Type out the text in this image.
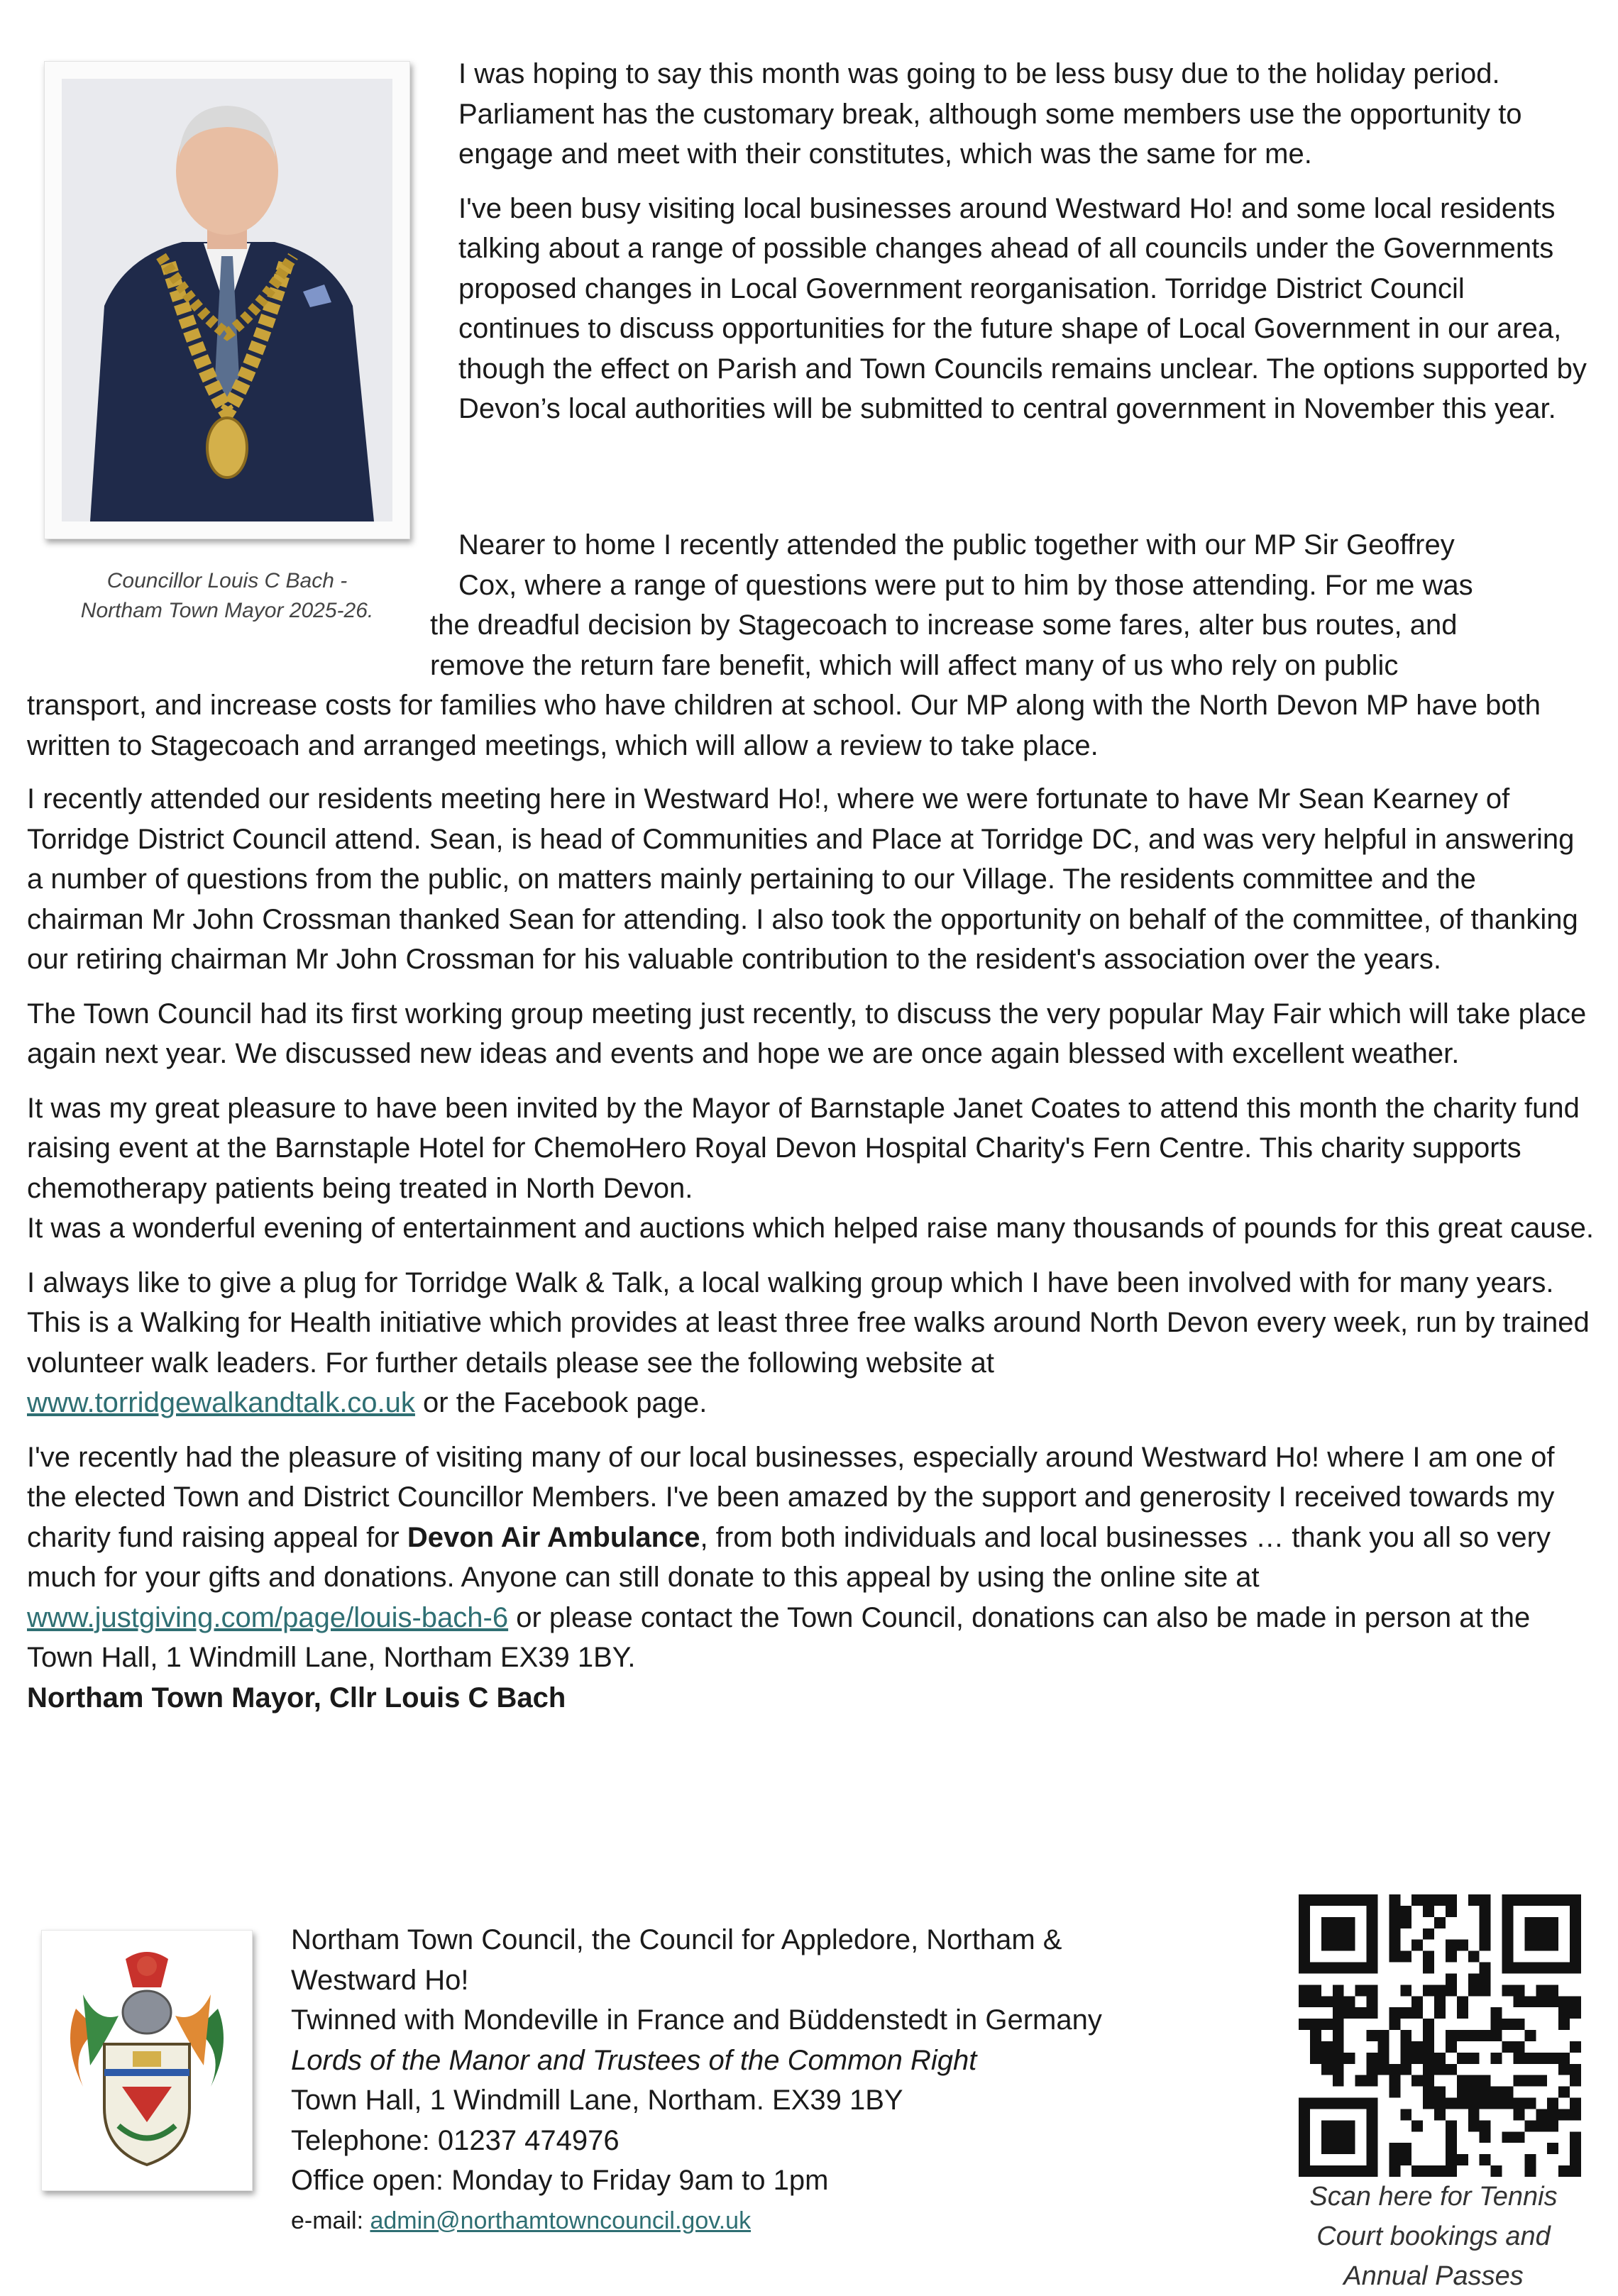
Councillor Louis C Bach -
Northam Town Mayor 2025-26.

I was hoping to say this month was going to be less busy due to the holiday period. Parliament has the customary break, although some members use the opportunity to engage and meet with their constitutes, which was the same for me.

I've been busy visiting local businesses around Westward Ho! and some local residents talking about a range of possible changes ahead of all councils under the Governments proposed changes in Local Government reorganisation. Torridge District Council continues to discuss opportunities for the future shape of Local Government in our area, though the effect on Parish and Town Councils remains unclear. The options supported by Devon’s local authorities will be submitted to central government in November this year.

Nearer to home I recently attended the public together with our MP Sir Geoffrey
Cox, where a range of questions were put to him by those attending. For me was
the dreadful decision by Stagecoach to increase some fares, alter bus routes, and
remove the return fare benefit, which will affect many of us who rely on public
transport, and increase costs for families who have children at school. Our MP along with the North Devon MP have both written to Stagecoach and arranged meetings, which will allow a review to take place.

I recently attended our residents meeting here in Westward Ho!, where we were fortunate to have Mr Sean Kearney of Torridge District Council attend. Sean, is head of Communities and Place at Torridge DC, and was very helpful in answering a number of questions from the public, on matters mainly pertaining to our Village. The residents committee and the chairman Mr John Crossman thanked Sean for attending. I also took the opportunity on behalf of the committee, of thanking our retiring chairman Mr John Crossman for his valuable contribution to the resident's association over the years.

The Town Council had its first working group meeting just recently, to discuss the very popular May Fair which will take place again next year. We discussed new ideas and events and hope we are once again blessed with excellent weather.

It was my great pleasure to have been invited by the Mayor of Barnstaple Janet Coates to attend this month the charity fund raising event at the Barnstaple Hotel for ChemoHero Royal Devon Hospital Charity's Fern Centre. This charity supports chemotherapy patients being treated in North Devon.
It was a wonderful evening of entertainment and auctions which helped raise many thousands of pounds for this great cause.

I always like to give a plug for Torridge Walk & Talk, a local walking group which I have been involved with for many years. This is a Walking for Health initiative which provides at least three free walks around North Devon every week, run by trained volunteer walk leaders. For further details please see the following website at
www.torridgewalkandtalk.co.uk or the Facebook page.

I've recently had the pleasure of visiting many of our local businesses, especially around Westward Ho! where I am one of the elected Town and District Councillor Members. I've been amazed by the support and generosity I received towards my charity fund raising appeal for Devon Air Ambulance, from both individuals and local businesses … thank you all so very much for your gifts and donations. Anyone can still donate to this appeal by using the online site at www.justgiving.com/page/louis-bach-6 or please contact the Town Council, donations can also be made in person at the Town Hall, 1 Windmill Lane, Northam EX39 1BY.

Northam Town Mayor, Cllr Louis C Bach
Northam Town Council, the Council for Appledore, Northam &
Westward Ho!
Twinned with Mondeville in France and Büddenstedt in Germany
Lords of the Manor and Trustees of the Common Right
Town Hall, 1 Windmill Lane, Northam. EX39 1BY
Telephone: 01237 474976
Office open: Monday to Friday 9am to 1pm
e-mail: admin@northamtowncouncil.gov.uk
Scan here for Tennis
Court bookings and
Annual Passes
